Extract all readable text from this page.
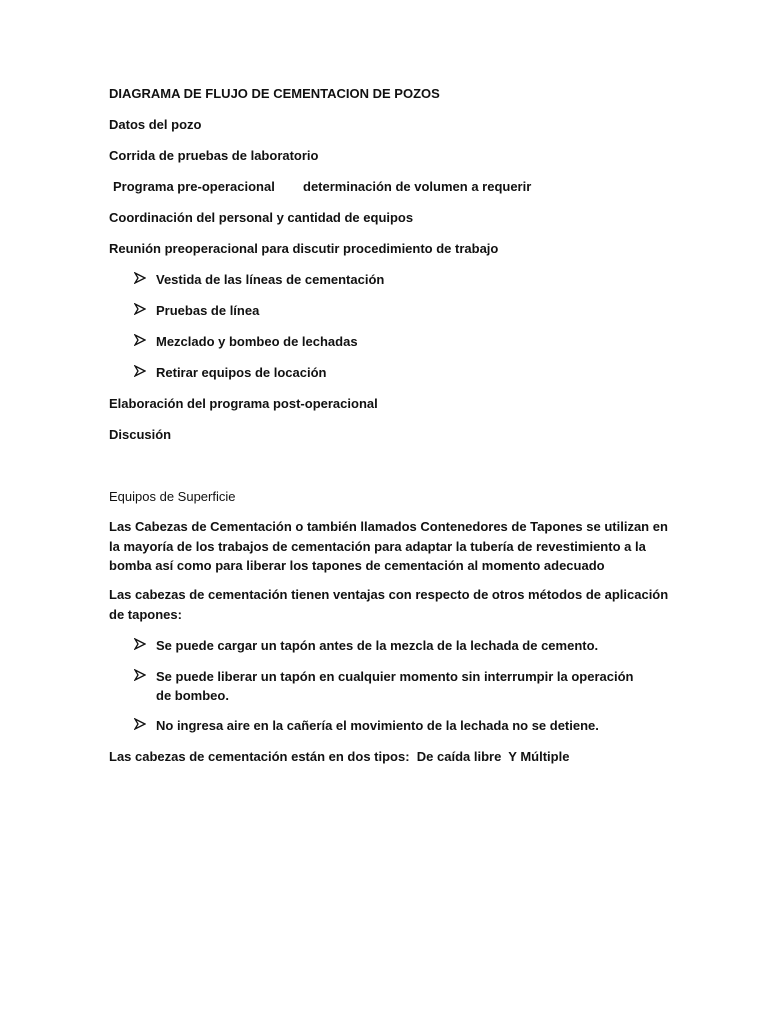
DIAGRAMA DE FLUJO DE CEMENTACION DE POZOS
Datos del pozo
Corrida de pruebas de laboratorio
Programa pre-operacional determinación de volumen a requerir
Coordinación del personal y cantidad de equipos
Reunión preoperacional para discutir procedimiento de trabajo
Vestida de las líneas de cementación
Pruebas de línea
Mezclado y bombeo de lechadas
Retirar equipos de locación
Elaboración del programa post-operacional
Discusión
Equipos de Superficie
Las Cabezas de Cementación o también llamados Contenedores de Tapones se utilizan en la mayoría de los trabajos de cementación para adaptar la tubería de revestimiento a la bomba así como para liberar los tapones de cementación al momento adecuado
Las cabezas de cementación tienen ventajas con respecto de otros métodos de aplicación de tapones:
Se puede cargar un tapón antes de la mezcla de la lechada de cemento.
Se puede liberar un tapón en cualquier momento sin interrumpir la operación de bombeo.
No ingresa aire en la cañería el movimiento de la lechada no se detiene.
Las cabezas de cementación están en dos tipos:  De caída libre  Y Múltiple
